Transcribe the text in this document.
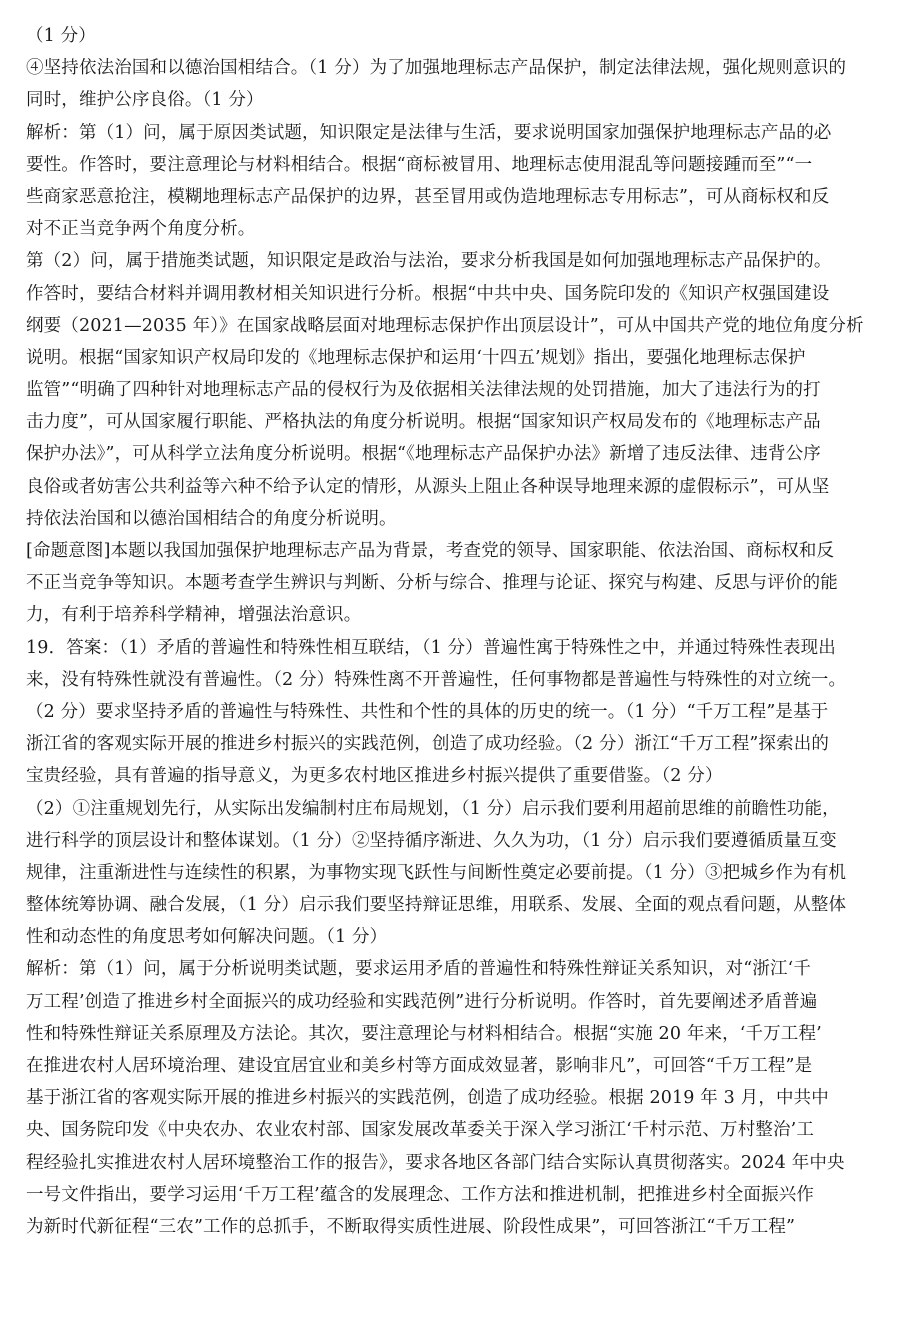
（1 分）
④坚持依法治国和以德治国相结合。（1 分）为了加强地理标志产品保护，制定法律法规，强化规则意识的
同时，维护公序良俗。（1 分）
解析：第（1）问，属于原因类试题，知识限定是法律与生活，要求说明国家加强保护地理标志产品的必
要性。作答时，要注意理论与材料相结合。根据“商标被冒用、地理标志使用混乱等问题接踵而至”“一
些商家恶意抢注，模糊地理标志产品保护的边界，甚至冒用或伪造地理标志专用标志”，可从商标权和反
对不正当竞争两个角度分析。
第（2）问，属于措施类试题，知识限定是政治与法治，要求分析我国是如何加强地理标志产品保护的。
作答时，要结合材料并调用教材相关知识进行分析。根据“中共中央、国务院印发的《知识产权强国建设
纲要（2021—2035 年）》在国家战略层面对地理标志保护作出顶层设计”，可从中国共产党的地位角度分析
说明。根据“国家知识产权局印发的《地理标志保护和运用‘十四五’规划》指出，要强化地理标志保护
监管”“明确了四种针对地理标志产品的侵权行为及依据相关法律法规的处罚措施，加大了违法行为的打
击力度”，可从国家履行职能、严格执法的角度分析说明。根据“国家知识产权局发布的《地理标志产品
保护办法》”，可从科学立法角度分析说明。根据“《地理标志产品保护办法》新增了违反法律、违背公序
良俗或者妨害公共利益等六种不给予认定的情形，从源头上阻止各种误导地理来源的虚假标示”，可从坚
持依法治国和以德治国相结合的角度分析说明。
[命题意图]本题以我国加强保护地理标志产品为背景，考查党的领导、国家职能、依法治国、商标权和反
不正当竞争等知识。本题考查学生辨识与判断、分析与综合、推理与论证、探究与构建、反思与评价的能
力，有利于培养科学精神，增强法治意识。
19．答案：（1）矛盾的普遍性和特殊性相互联结，（1 分）普遍性寓于特殊性之中，并通过特殊性表现出
来，没有特殊性就没有普遍性。（2 分）特殊性离不开普遍性，任何事物都是普遍性与特殊性的对立统一。
（2 分）要求坚持矛盾的普遍性与特殊性、共性和个性的具体的历史的统一。（1 分）“千万工程”是基于
浙江省的客观实际开展的推进乡村振兴的实践范例，创造了成功经验。（2 分）浙江“千万工程”探索出的
宝贵经验，具有普遍的指导意义，为更多农村地区推进乡村振兴提供了重要借鉴。（2 分）
（2）①注重规划先行，从实际出发编制村庄布局规划，（1 分）启示我们要利用超前思维的前瞻性功能，
进行科学的顶层设计和整体谋划。（1 分）②坚持循序渐进、久久为功，（1 分）启示我们要遵循质量互变
规律，注重渐进性与连续性的积累，为事物实现飞跃性与间断性奠定必要前提。（1 分）③把城乡作为有机
整体统筹协调、融合发展，（1 分）启示我们要坚持辩证思维，用联系、发展、全面的观点看问题，从整体
性和动态性的角度思考如何解决问题。（1 分）
解析：第（1）问，属于分析说明类试题，要求运用矛盾的普遍性和特殊性辩证关系知识，对“浙江‘千
万工程’创造了推进乡村全面振兴的成功经验和实践范例”进行分析说明。作答时，首先要阐述矛盾普遍
性和特殊性辩证关系原理及方法论。其次，要注意理论与材料相结合。根据“实施 20 年来，‘千万工程’
在推进农村人居环境治理、建设宜居宜业和美乡村等方面成效显著，影响非凡”，可回答“千万工程”是
基于浙江省的客观实际开展的推进乡村振兴的实践范例，创造了成功经验。根据 2019 年 3 月，中共中
央、国务院印发《中央农办、农业农村部、国家发展改革委关于深入学习浙江‘千村示范、万村整治’工
程经验扎实推进农村人居环境整治工作的报告》，要求各地区各部门结合实际认真贯彻落实。2024 年中央
一号文件指出，要学习运用‘千万工程’蕴含的发展理念、工作方法和推进机制，把推进乡村全面振兴作
为新时代新征程“三农”工作的总抓手，不断取得实质性进展、阶段性成果”，可回答浙江“千万工程”
